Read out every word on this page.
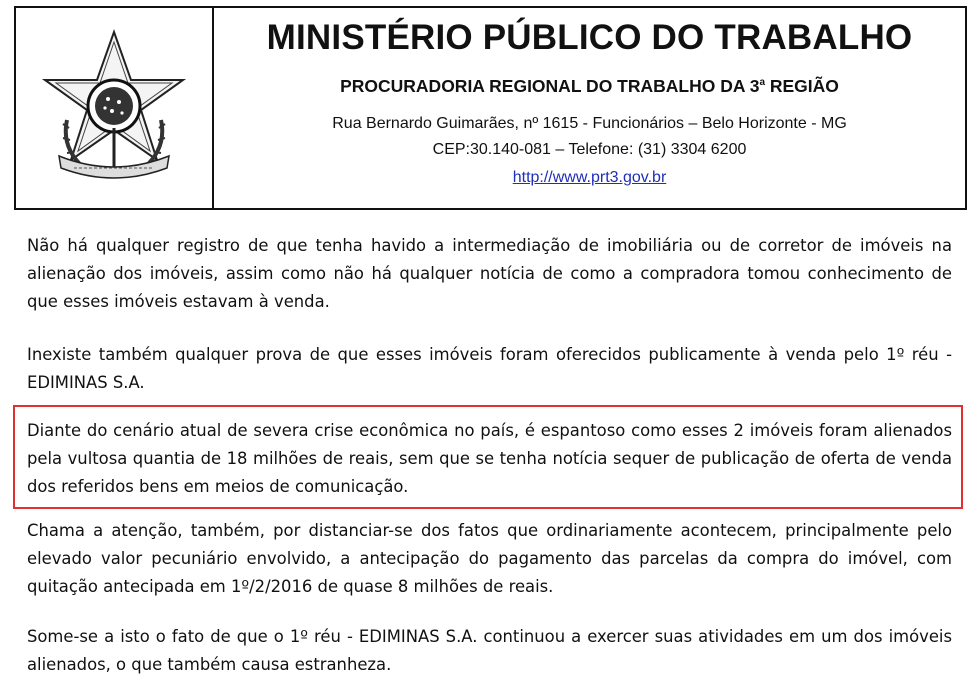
MINISTÉRIO PÚBLICO DO TRABALHO
PROCURADORIA REGIONAL DO TRABALHO DA 3$^a$ REGIÃO
Rua Bernardo Guimarães, nº 1615 - Funcionários – Belo Horizonte - MG
CEP:30.140-081 – Telefone: (31) 3304 6200
http://www.prt3.gov.br

Não há qualquer registro de que tenha havido a intermediação de imobiliária ou de corretor de imóveis na alienação dos imóveis, assim como não há qualquer notícia de como a compradora tomou conhecimento de que esses imóveis estavam à venda.

Inexiste também qualquer prova de que esses imóveis foram oferecidos publicamente à venda pelo 1º réu - EDIMINAS S.A.

Diante do cenário atual de severa crise econômica no país, é espantoso como esses 2 imóveis foram alienados pela vultosa quantia de 18 milhões de reais, sem que se tenha notícia sequer de publicação de oferta de venda dos referidos bens em meios de comunicação.

Chama a atenção, também, por distanciar-se dos fatos que ordinariamente acontecem, principalmente pelo elevado valor pecuniário envolvido, a antecipação do pagamento das parcelas da compra do imóvel, com quitação antecipada em 1º/2/2016 de quase 8 milhões de reais.

Some-se a isto o fato de que o 1º réu - EDIMINAS S.A. continuou a exercer suas atividades em um dos imóveis alienados, o que também causa estranheza.
